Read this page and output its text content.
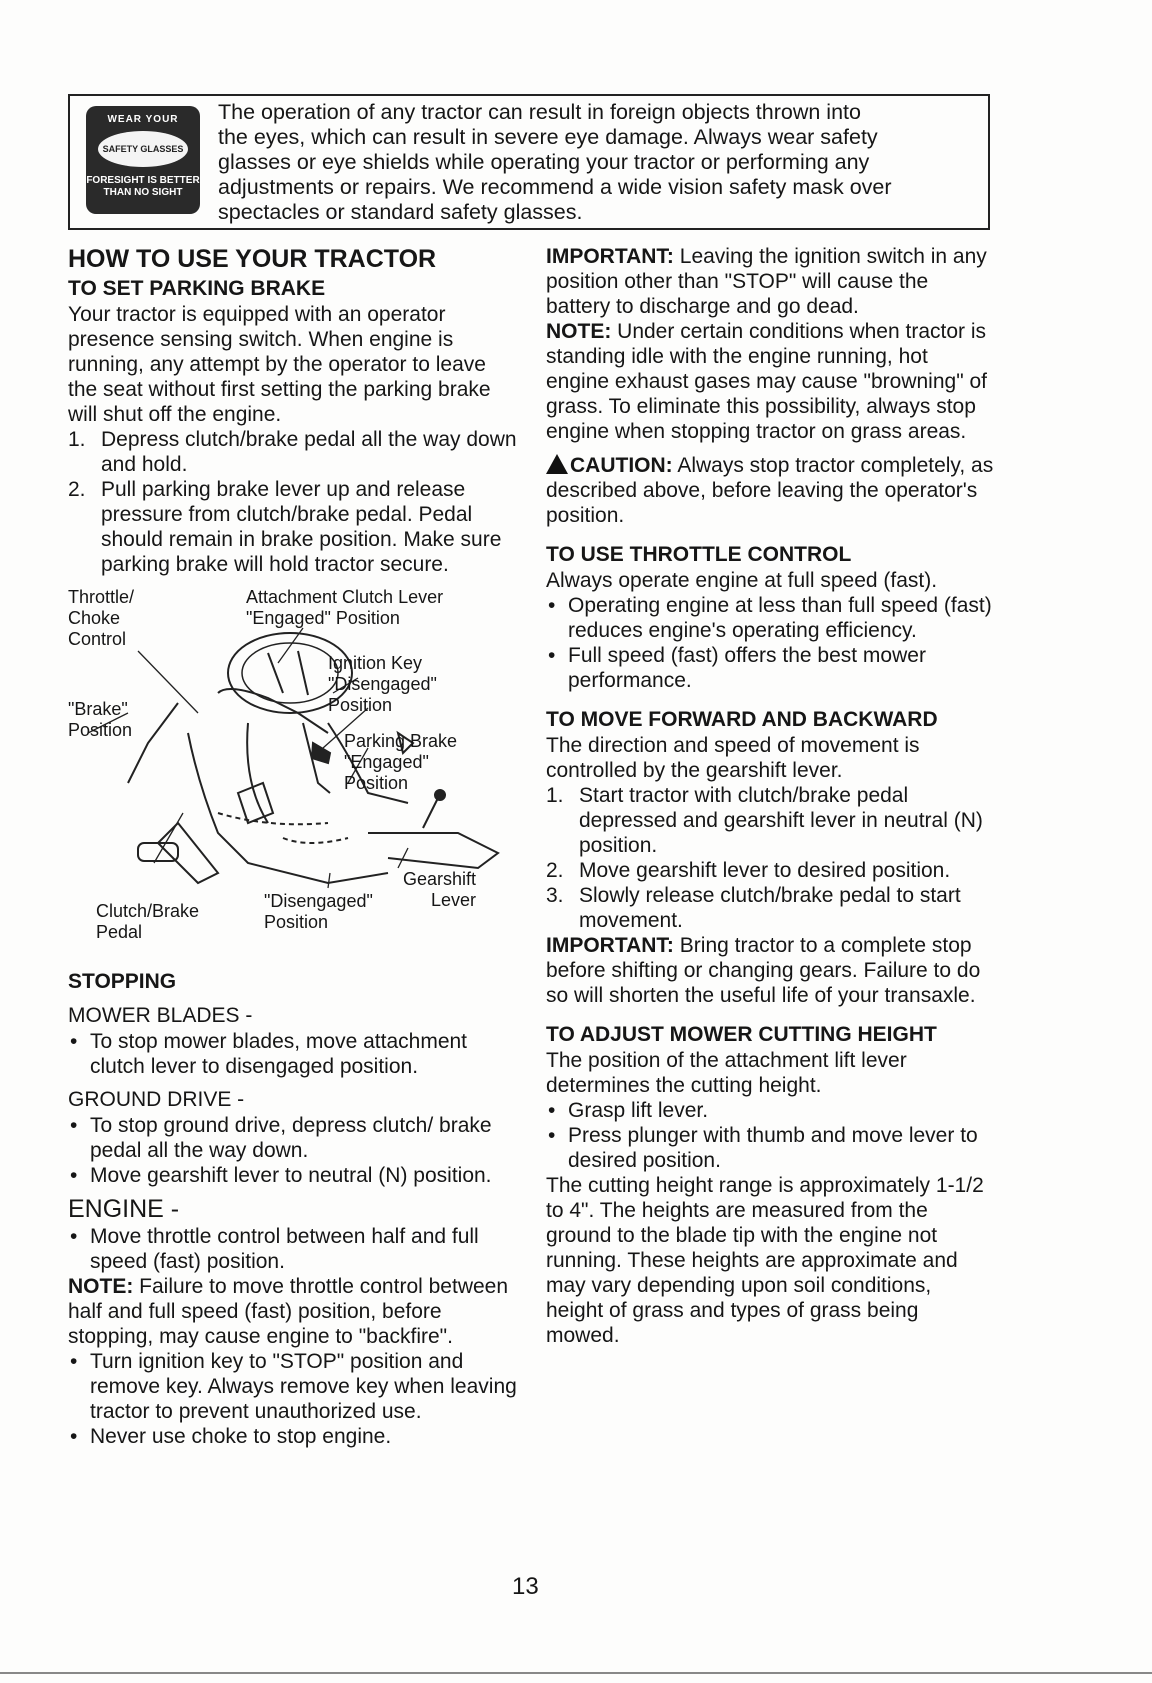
WEAR YOUR
SAFETY GLASSES
FORESIGHT IS BETTER
THAN NO SIGHT

The operation of any tractor can result in foreign objects thrown into

the eyes, which can result in severe eye damage. Always wear safety

glasses or eye shields while operating your tractor or performing any

adjustments or repairs. We recommend a wide vision safety mask over

spectacles or standard safety glasses.

HOW TO USE YOUR TRACTOR

TO SET PARKING BRAKE

Your tractor is equipped with an operator presence sensing switch. When engine is running, any attempt by the operator to leave the seat without first setting the parking brake will shut off the engine.

1. Depress clutch/brake pedal all the way down and hold.
2. Pull parking brake lever up and release pressure from clutch/brake pedal. Pedal should remain in brake position. Make sure parking brake will hold tractor secure.
Throttle/
Choke
Control
Attachment Clutch Lever
"Engaged" Position
Ignition Key
"Disengaged"
Position
"Brake"
Position
Parking Brake
"Engaged"
Position
Gearshift
Lever
Clutch/Brake
Pedal
"Disengaged"
Position

STOPPING

MOWER BLADES -

• To stop mower blades, move attachment clutch lever to disengaged position.

GROUND DRIVE -

• To stop ground drive, depress clutch/ brake pedal all the way down.
• Move gearshift lever to neutral (N) position.

ENGINE -

• Move throttle control between half and full speed (fast) position.

NOTE: Failure to move throttle control between half and full speed (fast) position, before stopping, may cause engine to "backfire".

• Turn ignition key to "STOP" position and remove key. Always remove key when leaving tractor to prevent unauthorized use.
• Never use choke to stop engine.

IMPORTANT: Leaving the ignition switch in any position other than "STOP" will cause the battery to discharge and go dead.

NOTE: Under certain conditions when tractor is standing idle with the engine running, hot engine exhaust gases may cause "browning" of grass. To eliminate this possibility, always stop engine when stopping tractor on grass areas.

CAUTION: Always stop tractor completely, as described above, before leaving the operator's position.

TO USE THROTTLE CONTROL

Always operate engine at full speed (fast).

• Operating engine at less than full speed (fast) reduces engine's operating efficiency.
• Full speed (fast) offers the best mower performance.

TO MOVE FORWARD AND BACKWARD

The direction and speed of movement is controlled by the gearshift lever.

1. Start tractor with clutch/brake pedal depressed and gearshift lever in neutral (N) position.
2. Move gearshift lever to desired position.
3. Slowly release clutch/brake pedal to start movement.

IMPORTANT: Bring tractor to a complete stop before shifting or changing gears. Failure to do so will shorten the useful life of your transaxle.

TO ADJUST MOWER CUTTING HEIGHT

The position of the attachment lift lever determines the cutting height.

• Grasp lift lever.
• Press plunger with thumb and move lever to desired position.

The cutting height range is approximately 1-1/2 to 4". The heights are measured from the ground to the blade tip with the engine not running. These heights are approximate and may vary depending upon soil conditions, height of grass and types of grass being mowed.

13
